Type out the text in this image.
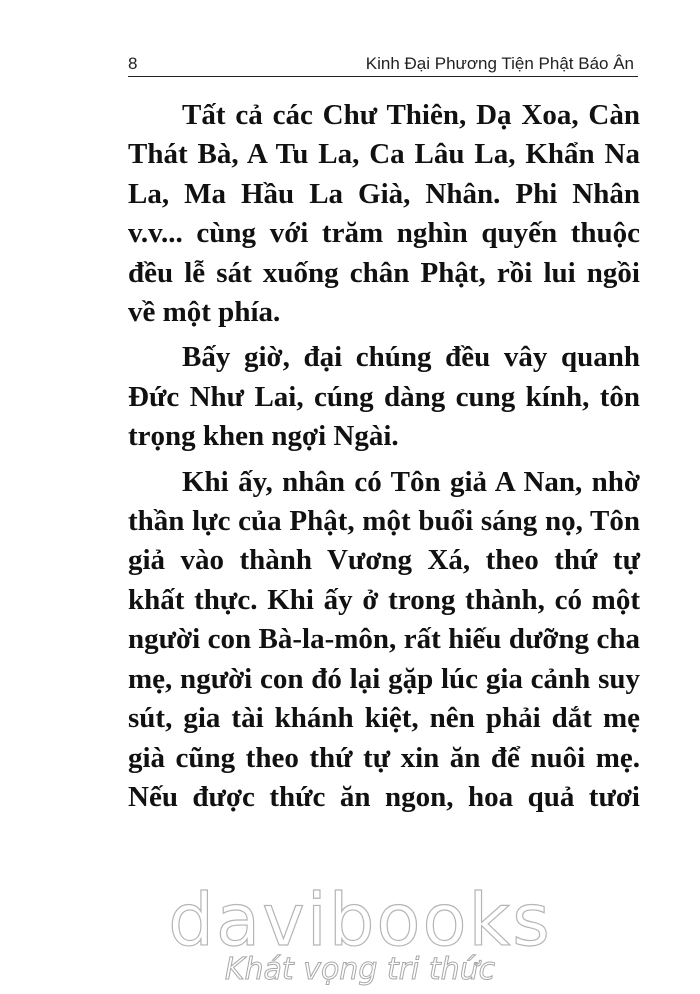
8	Kinh Đại Phương Tiện Phật Báo Ân

Tất cả các Chư Thiên, Dạ Xoa, Càn Thát Bà, A Tu La, Ca Lâu La, Khẩn Na La, Ma Hầu La Già, Nhân. Phi Nhân v.v... cùng với trăm nghìn quyến thuộc đều lễ sát xuống chân Phật, rồi lui ngồi về một phía.

Bấy giờ, đại chúng đều vây quanh Đức Như Lai, cúng dàng cung kính, tôn trọng khen ngợi Ngài.

Khi ấy, nhân có Tôn giả A Nan, nhờ thần lực của Phật, một buổi sáng nọ, Tôn giả vào thành Vương Xá, theo thứ tự khất thực. Khi ấy ở trong thành, có một người con Bà-la-môn, rất hiếu dưỡng cha mẹ, người con đó lại gặp lúc gia cảnh suy sút, gia tài khánh kiệt, nên phải dắt mẹ già cũng theo thứ tự xin ăn để nuôi mẹ. Nếu được thức ăn ngon, hoa quả tươi

davibooks
Khát vọng tri thức
